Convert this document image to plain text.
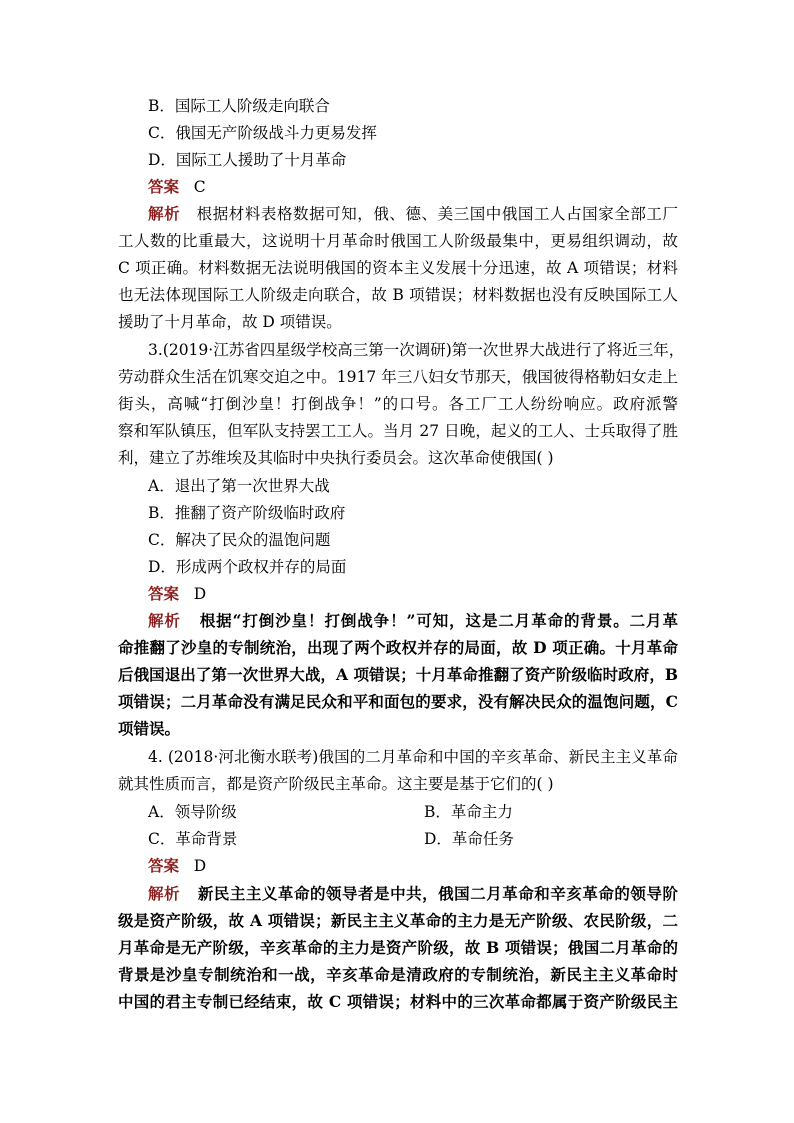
B．国际工人阶级走向联合
C．俄国无产阶级战斗力更易发挥
D．国际工人援助了十月革命
答案 C
解析 根据材料表格数据可知，俄、德、美三国中俄国工人占国家全部工厂
工人数的比重最大，这说明十月革命时俄国工人阶级最集中，更易组织调动，故
C 项正确。材料数据无法说明俄国的资本主义发展十分迅速，故 A 项错误；材料
也无法体现国际工人阶级走向联合，故 B 项错误；材料数据也没有反映国际工人
援助了十月革命，故 D 项错误。
3.(2019·江苏省四星级学校高三第一次调研)第一次世界大战进行了将近三年，
劳动群众生活在饥寒交迫之中。1917 年三八妇女节那天，俄国彼得格勒妇女走上
街头，高喊“打倒沙皇！打倒战争！”的口号。各工厂工人纷纷响应。政府派警
察和军队镇压，但军队支持罢工工人。当月 27 日晚，起义的工人、士兵取得了胜
利，建立了苏维埃及其临时中央执行委员会。这次革命使俄国( )
A．退出了第一次世界大战
B．推翻了资产阶级临时政府
C．解决了民众的温饱问题
D．形成两个政权并存的局面
答案 D
解析 根据“打倒沙皇！打倒战争！”可知，这是二月革命的背景。二月革
命推翻了沙皇的专制统治，出现了两个政权并存的局面，故 D 项正确。十月革命
后俄国退出了第一次世界大战，A 项错误；十月革命推翻了资产阶级临时政府，B
项错误；二月革命没有满足民众和平和面包的要求，没有解决民众的温饱问题，C
项错误。
4. (2018·河北衡水联考)俄国的二月革命和中国的辛亥革命、新民主主义革命
就其性质而言，都是资产阶级民主革命。这主要是基于它们的( )
A．领导阶级	B．革命主力
C．革命背景	D．革命任务
答案 D
解析 新民主主义革命的领导者是中共，俄国二月革命和辛亥革命的领导阶
级是资产阶级，故 A 项错误；新民主主义革命的主力是无产阶级、农民阶级，二
月革命是无产阶级，辛亥革命的主力是资产阶级，故 B 项错误；俄国二月革命的
背景是沙皇专制统治和一战，辛亥革命是清政府的专制统治，新民主主义革命时
中国的君主专制已经结束，故 C 项错误；材料中的三次革命都属于资产阶级民主
